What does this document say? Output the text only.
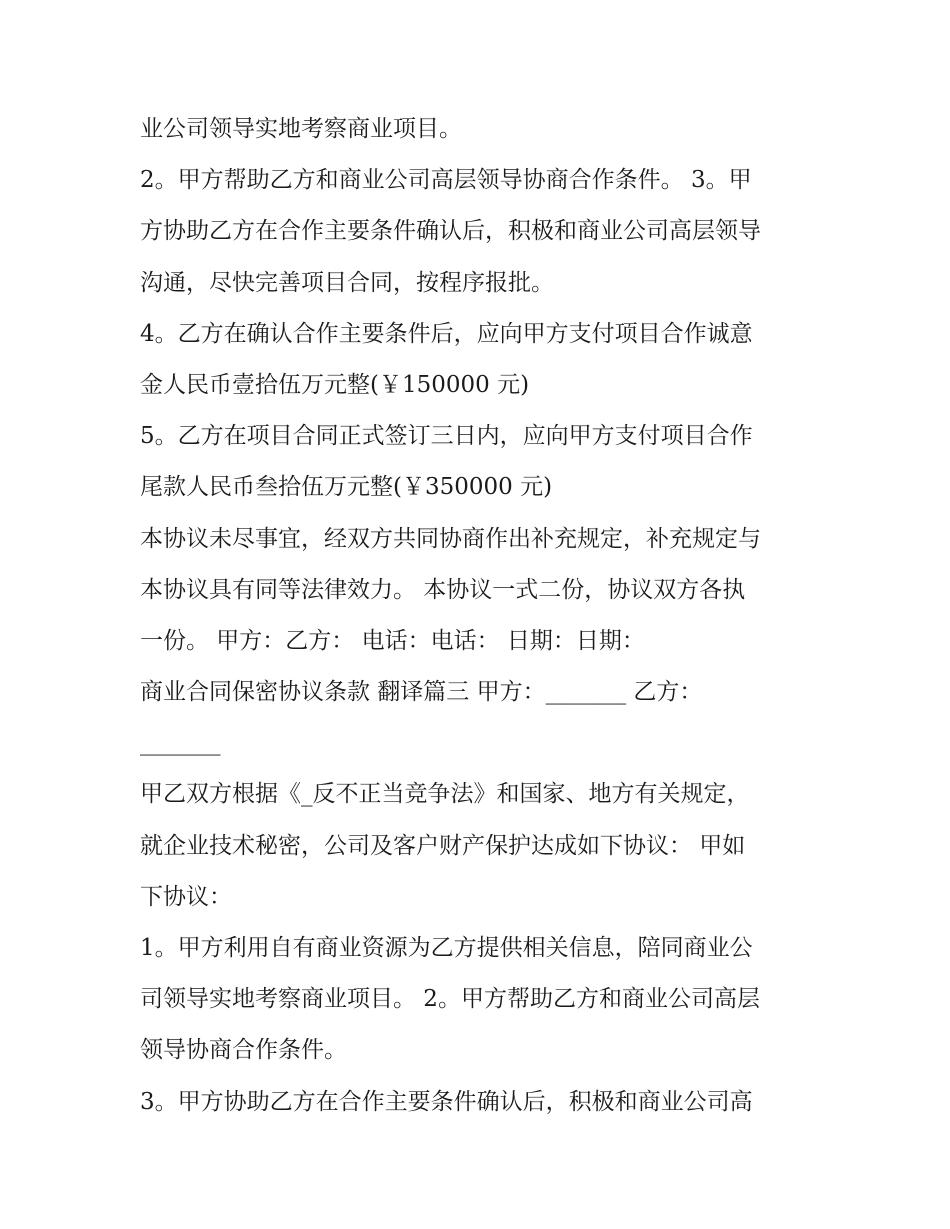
业公司领导实地考察商业项目。
2。甲方帮助乙方和商业公司高层领导协商合作条件。 3。甲
方协助乙方在合作主要条件确认后，积极和商业公司高层领导
沟通，尽快完善项目合同，按程序报批。
4。乙方在确认合作主要条件后，应向甲方支付项目合作诚意
金人民币壹拾伍万元整(￥150000 元)
5。乙方在项目合同正式签订三日内，应向甲方支付项目合作
尾款人民币叁拾伍万元整(￥350000 元)
本协议未尽事宜，经双方共同协商作出补充规定，补充规定与
本协议具有同等法律效力。 本协议一式二份，协议双方各执
一份。 甲方：乙方： 电话：电话： 日期：日期：
商业合同保密协议条款 翻译篇三 甲方：_______ 乙方：
_______
甲乙双方根据《_反不正当竞争法》和国家、地方有关规定，
就企业技术秘密，公司及客户财产保护达成如下协议： 甲如
下协议：
1。甲方利用自有商业资源为乙方提供相关信息，陪同商业公
司领导实地考察商业项目。 2。甲方帮助乙方和商业公司高层
领导协商合作条件。
3。甲方协助乙方在合作主要条件确认后，积极和商业公司高
